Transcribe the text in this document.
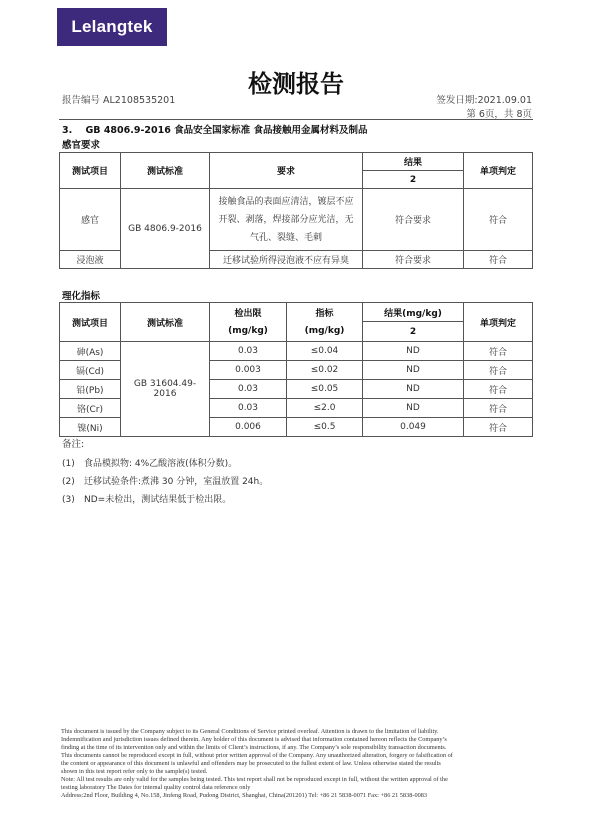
Lelangtek
检测报告
报告编号 AL2108535201	签发日期:2021.09.01
第 6页，共 8页
3. GB 4806.9-2016 食品安全国家标准 食品接触用金属材料及制品
感官要求
测试项目	测试标准	要求	结果	单项判定
			2	
感官	GB 4806.9-2016	接触食品的表面应清洁，镀层不应开裂、剥落，焊接部分应光洁，无气孔、裂缝、毛刺	符合要求	符合
浸泡液		迁移试验所得浸泡液不应有异臭	符合要求	符合
理化指标
测试项目	测试标准	检出限	指标	结果(mg/kg)	单项判定
		(mg/kg)	(mg/kg)	2	
砷(As)	GB 31604.49-2016	0.03	≤0.04	ND	符合
镉(Cd)		0.003	≤0.02	ND	符合
铅(Pb)		0.03	≤0.05	ND	符合
铬(Cr)		0.03	≤2.0	ND	符合
镍(Ni)		0.006	≤0.5	0.049	符合
备注:
(1) 食品模拟物: 4%乙酸溶液(体积分数)。
(2) 迁移试验条件:煮沸 30 分钟，室温放置 24h。
(3) ND=未检出，测试结果低于检出限。
This document is issued by the Company subject to its General Conditions of Service printed overleaf. Attention is drawn to the limitation of liability.
Indemnification and jurisdiction issues defined therein. Any holder of this document is advised that information contained hereon reflects the Company’s
finding at the time of its intervention only and within the limits of Client’s instructions, if any. The Company’s sole responsibility transaction documents.
This documents cannot be reproduced except in full, without prior written approval of the Company. Any unauthorized alteration, forgery or falsification of
the content or appearance of this document is unlawful and offenders may be prosecuted to the fullest extent of law. Unless otherwise stated the results
shown in this test report refer only to the sample(s) tested.
Note: All test results are only valid for the samples being tested. This test report shall not be reproduced except in full, without the written approval of the
testing laboratory The Dates for internal quality control data reference only
Address:2nd Floor, Building 4, No.158, Jinfeng Road, Pudong District, Shanghai, China(201201) Tel: +86 21 5838-0071 Fax: +86 21 5838-0083
